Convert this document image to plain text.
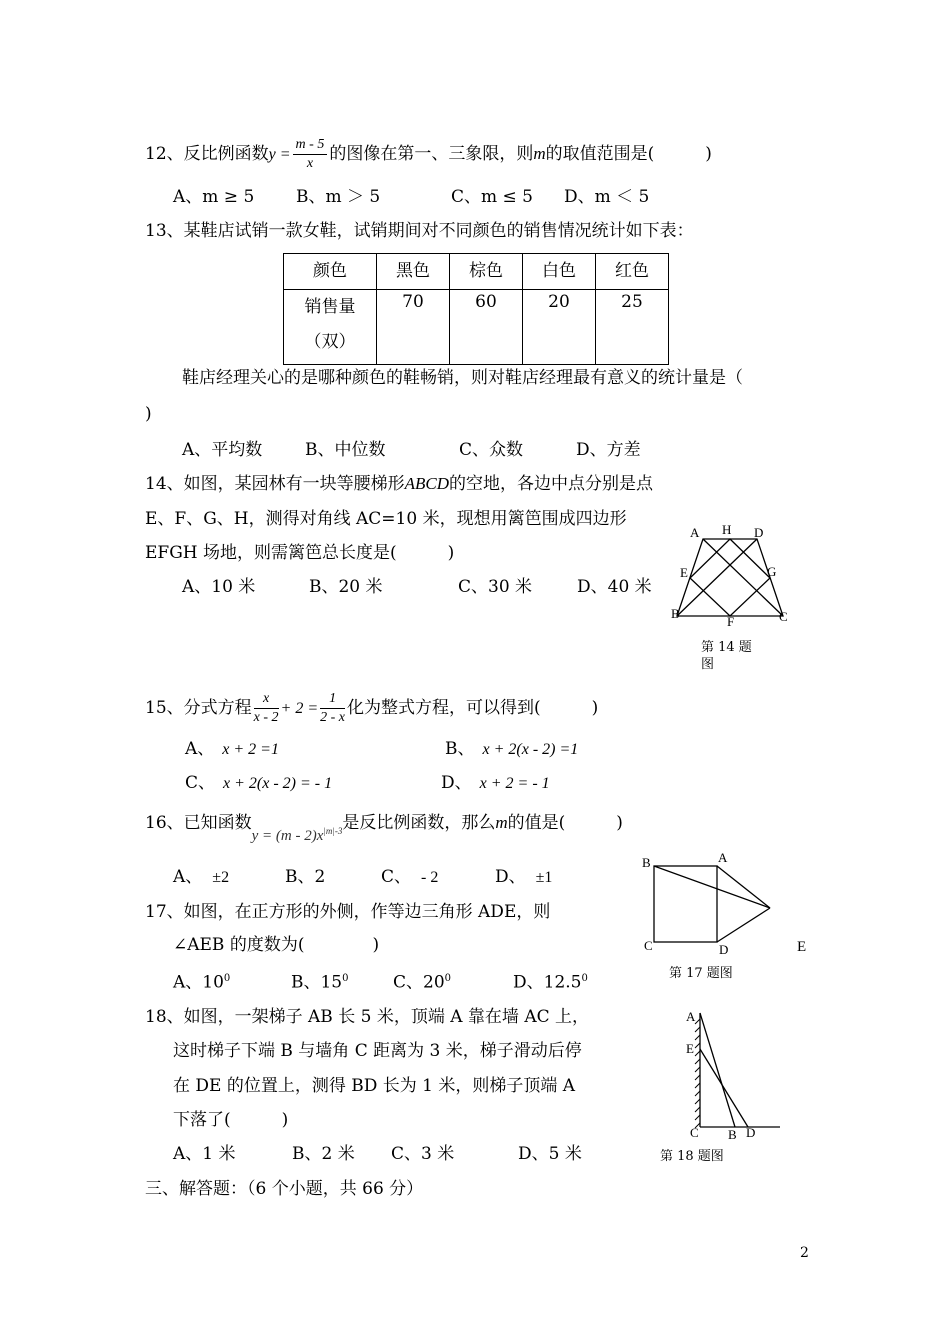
12、反比例函数$y = \frac{m - 5}{x}$ 的图像在第一、三象限，则m的取值范围是(　　　)
A、m ≥ 5 B、m ＞ 5	C、m ≤ 5 D、m ＜ 5
13、某鞋店试销一款女鞋，试销期间对不同颜色的销售情况统计如下表：
颜色	黑色	棕色	白色	红色

销售量
（双）	70	60	20	25
鞋店经理关心的是哪种颜色的鞋畅销，则对鞋店经理最有意义的统计量是（
)
A、平均数	B、中位数	C、众数	D、方差
14、如图，某园林有一块等腰梯形ABCD的空地，各边中点分别是点
E、F、G、H，测得对角线 AC=10 米，现想用篱笆围成四边形
EFGH 场地，则需篱笆总长度是(　　　)
A、10 米	B、20 米	C、30 米	D、40 米
A H D
E	G
B
F	C
第 14 题
图
15、分式方程 $\frac{x}{x - 2} + 2 = \frac{1}{2 - x}$ 化为整式方程，可以得到(　　　)
A、 x + 2 =1	B、 x + 2(x - 2) =1
C、 x + 2(x - 2) = - 1	D、 x + 2 = - 1
16、已知函数$y = (m - 2)x^{|m|-3}$是反比例函数，那么m的值是(　　　)
A、 ±2	B、2	C、 - 2	D、 ±1
17、如图，在正方形的外侧，作等边三角形 ADE，则
∠AEB 的度数为(　　　　)
A、$10^0$	B、$15^0$	C、$20^0$	D、12.5$^0$
B	A
C	D	E
第 17 题图
18、如图，一架梯子 AB 长 5 米，顶端 A 靠在墙 AC 上，
这时梯子下端 B 与墙角 C 距离为 3 米，梯子滑动后停
在 DE 的位置上，测得 BD 长为 1 米，则梯子顶端 A
下落了(　　　)
A、1 米	B、2 米 C、3 米	D、5 米
A
E
C B D
第 18 题图
三、解答题：（6 个小题，共 66 分）
2
